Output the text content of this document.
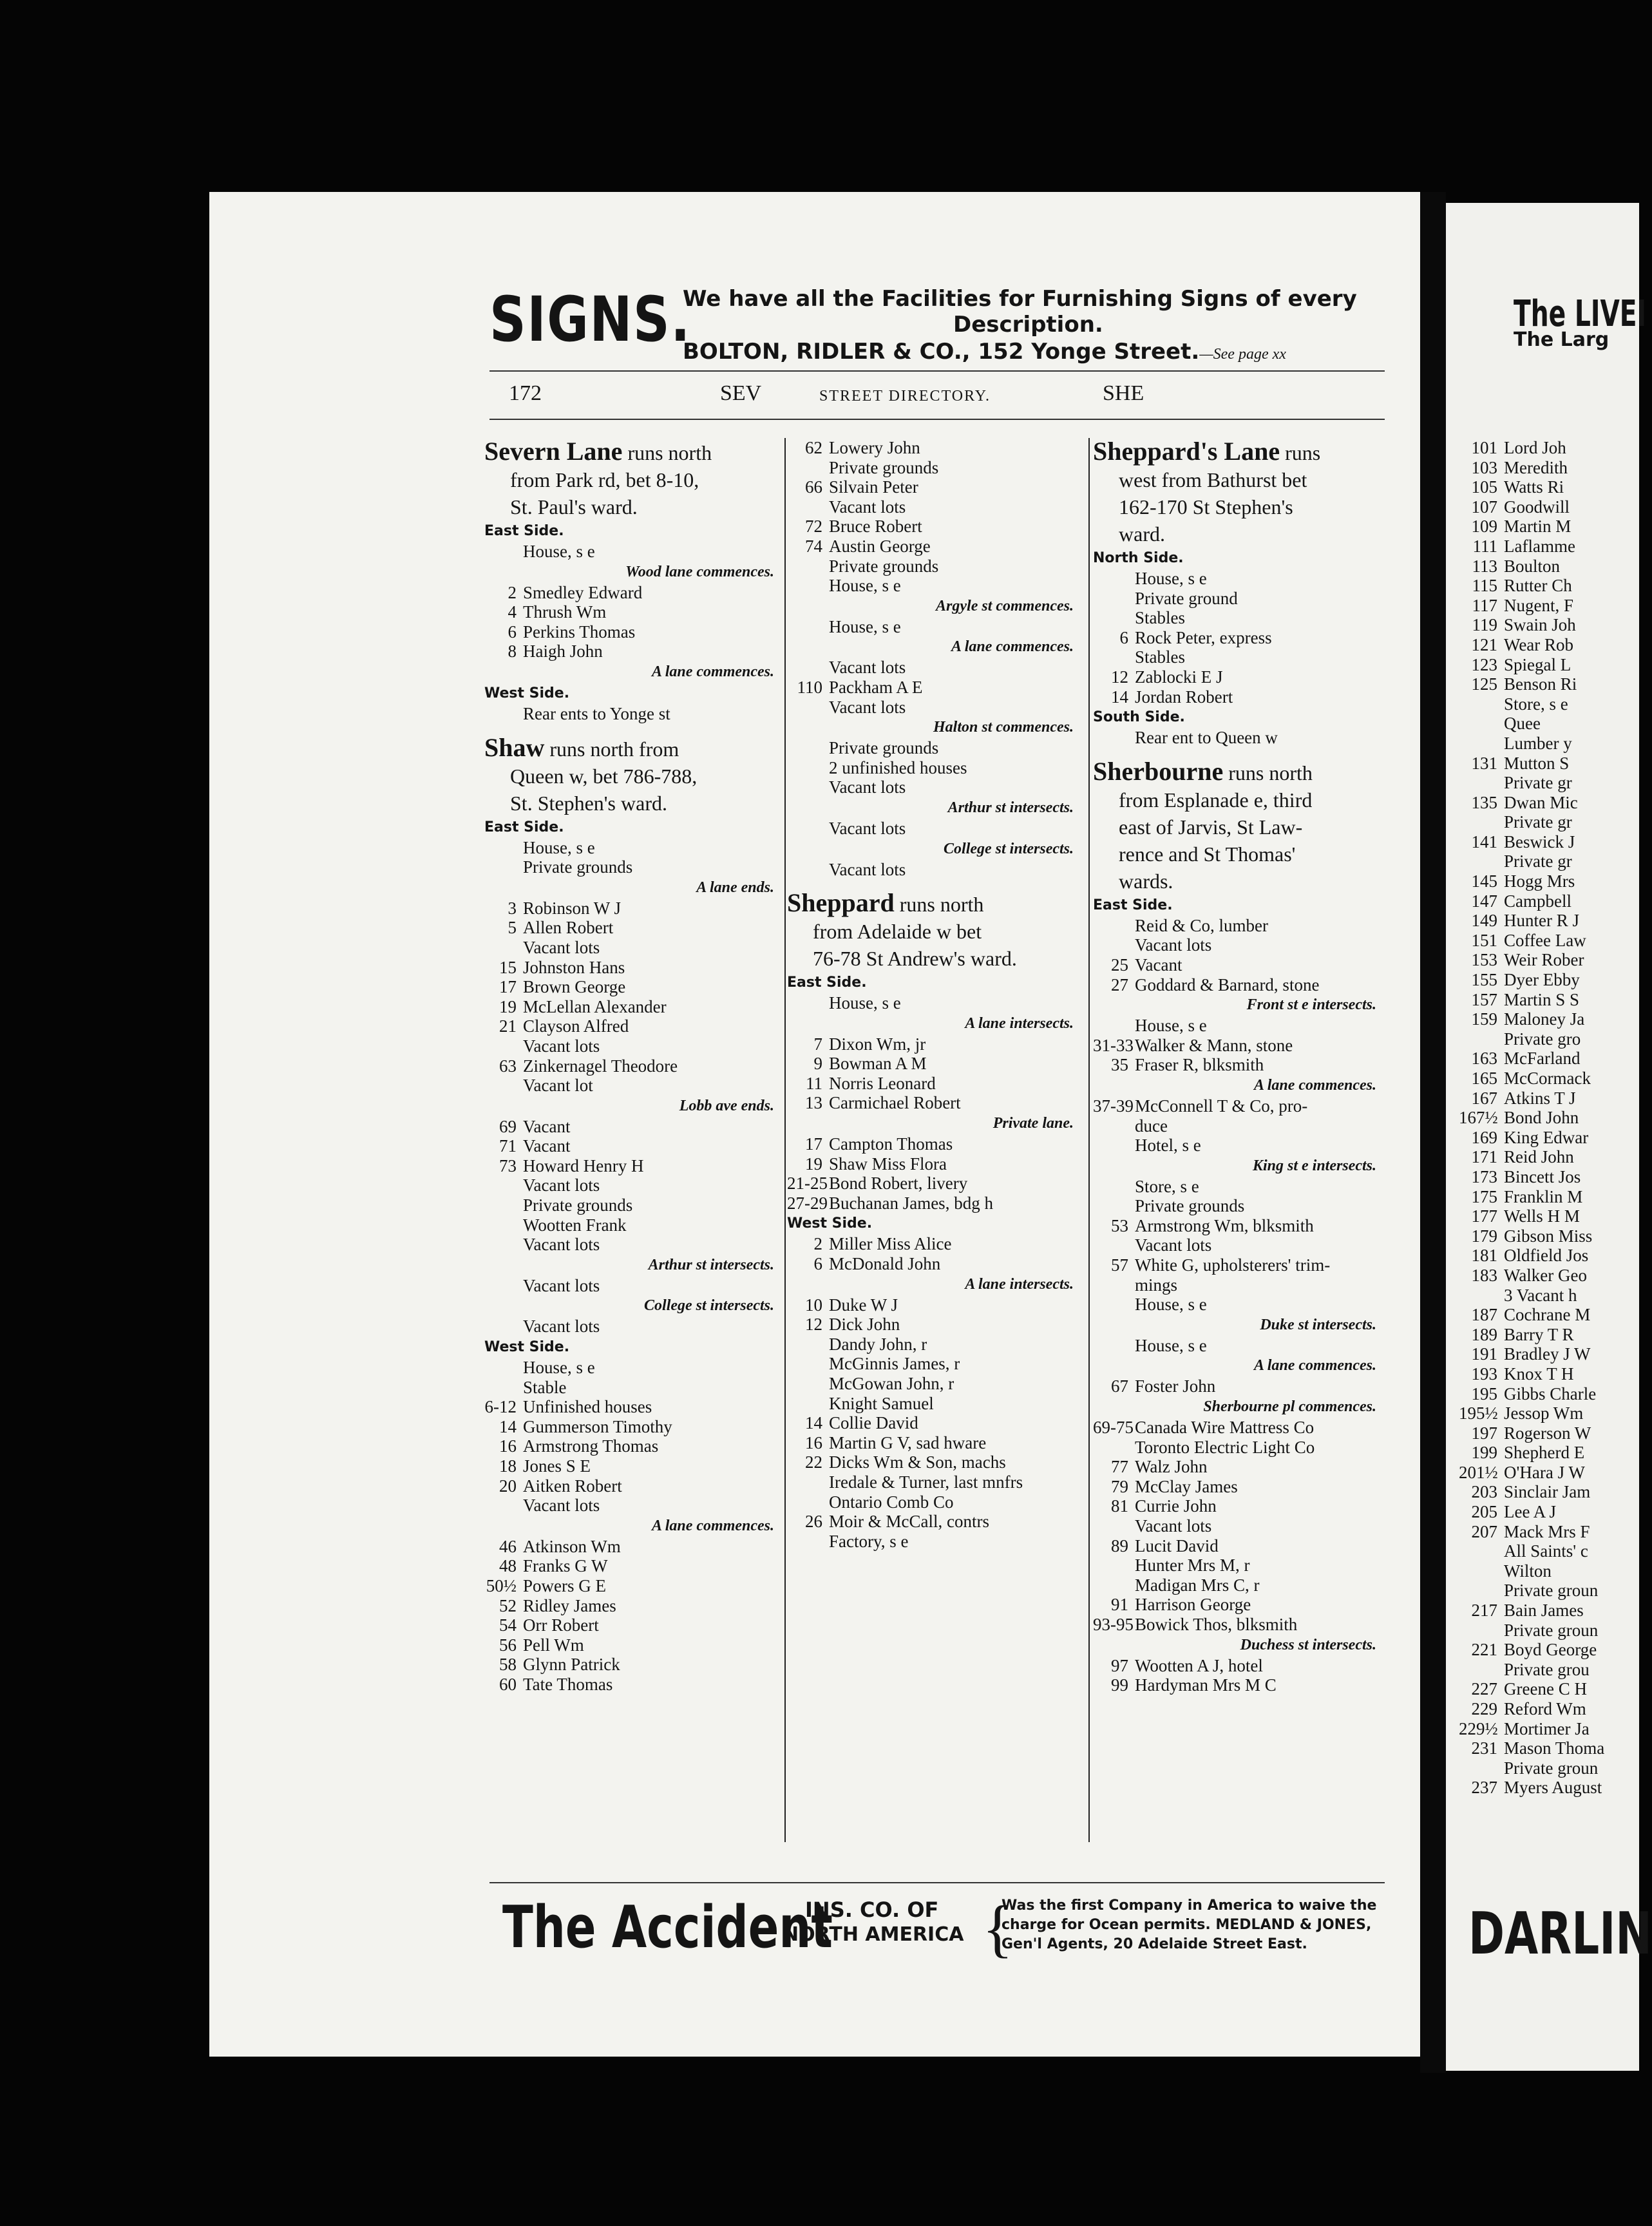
SIGNS.
We have all the Facilities for Furnishing Signs of every
Description.
BOLTON, RIDLER & CO., 152 Yonge Street.—See page xx
172	SEV	STREET DIRECTORY.	SHE
Severn Lane runs north
from Park rd, bet 8-10,
St. Paul's ward.
East Side.
House, s e
Wood lane commences.
2 Smedley Edward
4 Thrush Wm
6 Perkins Thomas
8 Haigh John
A lane commences.
West Side.
Rear ents to Yonge st
Shaw runs north from
Queen w, bet 786-788,
St. Stephen's ward.
East Side.
House, s e
Private grounds
A lane ends.
3 Robinson W J
5 Allen Robert
Vacant lots
15 Johnston Hans
17 Brown George
19 McLellan Alexander
21 Clayson Alfred
Vacant lots
63 Zinkernagel Theodore
Vacant lot
Lobb ave ends.
69 Vacant
71 Vacant
73 Howard Henry H
Vacant lots
Private grounds
Wootten Frank
Vacant lots
Arthur st intersects.
Vacant lots
College st intersects.
Vacant lots
West Side.
House, s e
Stable
6-12 Unfinished houses
14 Gummerson Timothy
16 Armstrong Thomas
18 Jones S E
20 Aitken Robert
Vacant lots
A lane commences.
46 Atkinson Wm
48 Franks G W
50½ Powers G E
52 Ridley James
54 Orr Robert
56 Pell Wm
58 Glynn Patrick
60 Tate Thomas
62 Lowery John
Private grounds
66 Silvain Peter
Vacant lots
72 Bruce Robert
74 Austin George
Private grounds
House, s e
Argyle st commences.
House, s e
A lane commences.
Vacant lots
110 Packham A E
Vacant lots
Halton st commences.
Private grounds
2 unfinished houses
Vacant lots
Arthur st intersects.
Vacant lots
College st intersects.
Vacant lots
Sheppard runs north
from Adelaide w bet
76-78 St Andrew's ward.
East Side.
House, s e
A lane intersects.
7 Dixon Wm, jr
9 Bowman A M
11 Norris Leonard
13 Carmichael Robert
Private lane.
17 Campton Thomas
19 Shaw Miss Flora
21-25Bond Robert, livery
27-29Buchanan James, bdg h
West Side.
2 Miller Miss Alice
6 McDonald John
A lane intersects.
10 Duke W J
12 Dick John
Dandy John, r
McGinnis James, r
McGowan John, r
Knight Samuel
14 Collie David
16 Martin G V, sad hware
22 Dicks Wm & Son, machs
Iredale & Turner, last mnfrs
Ontario Comb Co
26 Moir & McCall, contrs
Factory, s e
Sheppard's Lane runs
west from Bathurst bet
162-170 St Stephen's
ward.
North Side.
House, s e
Private ground
Stables
6 Rock Peter, express
Stables
12 Zablocki E J
14 Jordan Robert
South Side.
Rear ent to Queen w
Sherbourne runs north
from Esplanade e, third
east of Jarvis, St Law-
rence and St Thomas'
wards.
East Side.
Reid & Co, lumber
Vacant lots
25 Vacant
27 Goddard & Barnard, stone
Front st e intersects.
House, s e
31-33Walker & Mann, stone
35 Fraser R, blksmith
A lane commences.
37-39McConnell T & Co, pro-
duce
Hotel, s e
King st e intersects.
Store, s e
Private grounds
53 Armstrong Wm, blksmith
Vacant lots
57 White G, upholsterers' trim-
mings
House, s e
Duke st intersects.
House, s e
A lane commences.
67 Foster John
Sherbourne pl commences.
69-75Canada Wire Mattress Co
Toronto Electric Light Co
77 Walz John
79 McClay James
81 Currie John
Vacant lots
89 Lucit David
Hunter Mrs M, r
Madigan Mrs C, r
91 Harrison George
93-95Bowick Thos, blksmith
Duchess st intersects.
97 Wootten A J, hotel
99 Hardyman Mrs M C
The Accident
INS. CO. OF
NORTH AMERICA {
Was the first Company in America to waive the
charge for Ocean permits. MEDLAND & JONES,
Gen'l Agents, 20 Adelaide Street East.
The LIVEI
The Larg
101 Lord Joh
103 Meredith
105 Watts Ri
107 Goodwill
109 Martin M
111 Laflamme
113 Boulton
115 Rutter Ch
117 Nugent, F
119 Swain Joh
121 Wear Rob
123 Spiegal L
125 Benson Ri
Store, s e
Quee
Lumber y
131 Mutton S
Private gr
135 Dwan Mic
Private gr
141 Beswick J
Private gr
145 Hogg Mrs
147 Campbell
149 Hunter R J
151 Coffee Law
153 Weir Rober
155 Dyer Ebby
157 Martin S S
159 Maloney Ja
Private gro
163 McFarland
165 McCormack
167 Atkins T J
167½ Bond John
169 King Edwar
171 Reid John
173 Bincett Jos
175 Franklin M
177 Wells H M
179 Gibson Miss
181 Oldfield Jos
183 Walker Geo
3 Vacant h
187 Cochrane M
189 Barry T R
191 Bradley J W
193 Knox T H
195 Gibbs Charle
195½ Jessop Wm
197 Rogerson W
199 Shepherd E
201½ O'Hara J W
203 Sinclair Jam
205 Lee A J
207 Mack Mrs F
All Saints' c
Wilton
Private groun
217 Bain James
Private groun
221 Boyd George
Private grou
227 Greene C H
229 Reford Wm
229½ Mortimer Ja
231 Mason Thoma
Private groun
237 Myers August
DARLIN
